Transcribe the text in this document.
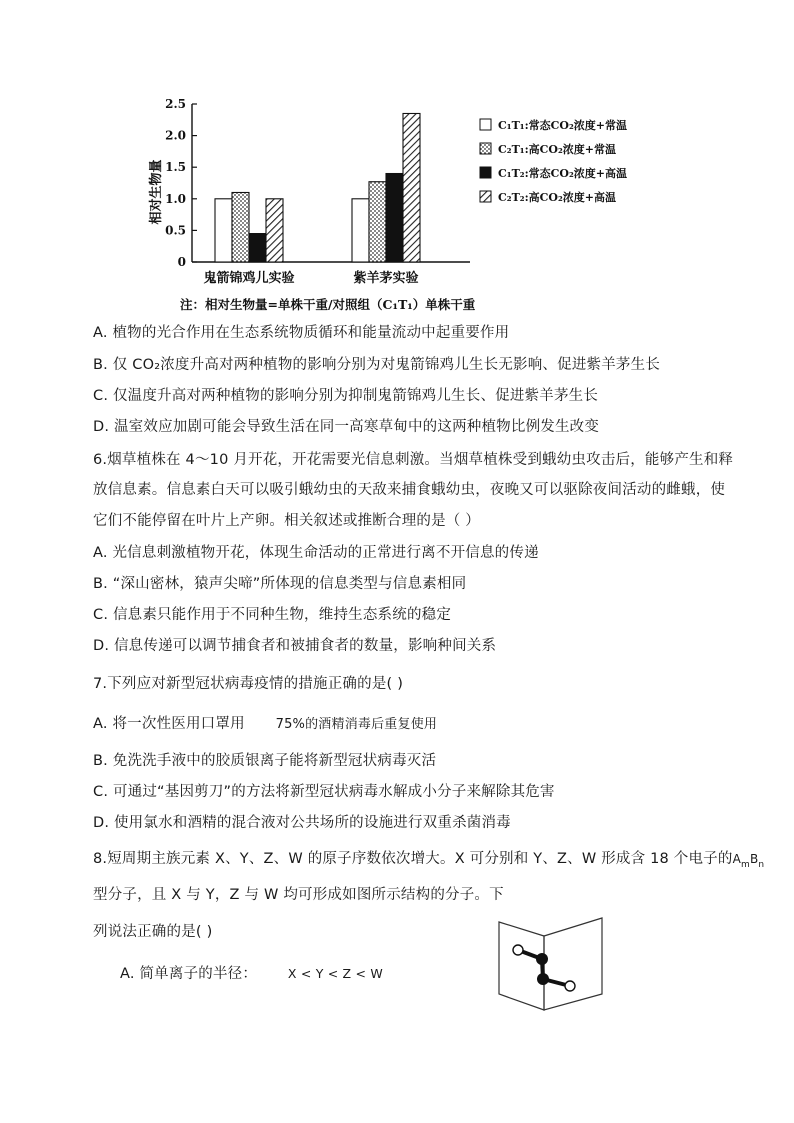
0
0.5
1.0
1.5
2.0
2.5
鬼箭锦鸡儿实验	紫羊茅实验
相对生物量
C₁T₁:常态CO₂浓度+常温
C₂T₁:高CO₂浓度+常温
C₁T₂:常态CO₂浓度+高温
C₂T₂:高CO₂浓度+高温
注：相对生物量=单株干重/对照组（C₁T₁）单株干重
A. 植物的光合作用在生态系统物质循环和能量流动中起重要作用
B. 仅 CO₂浓度升高对两种植物的影响分别为对鬼箭锦鸡儿生长无影响、促进紫羊茅生长
C. 仅温度升高对两种植物的影响分别为抑制鬼箭锦鸡儿生长、促进紫羊茅生长
D. 温室效应加剧可能会导致生活在同一高寒草甸中的这两种植物比例发生改变
6.烟草植株在 4～10 月开花，开花需要光信息刺激。当烟草植株受到蛾幼虫攻击后，能够产生和释
放信息素。信息素白天可以吸引蛾幼虫的天敌来捕食蛾幼虫，夜晚又可以驱除夜间活动的雌蛾，使
它们不能停留在叶片上产卵。相关叙述或推断合理的是（ ）
A. 光信息刺激植物开花，体现生命活动的正常进行离不开信息的传递
B. “深山密林，猿声尖啼”所体现的信息类型与信息素相同
C. 信息素只能作用于不同种生物，维持生态系统的稳定
D. 信息传递可以调节捕食者和被捕食者的数量，影响种间关系
7.下列应对新型冠状病毒疫情的措施正确的是( )
A. 将一次性医用口罩用 75%的酒精消毒后重复使用
B. 免洗洗手液中的胶质银离子能将新型冠状病毒灭活
C. 可通过“基因剪刀”的方法将新型冠状病毒水解成小分子来解除其危害
D. 使用氯水和酒精的混合液对公共场所的设施进行双重杀菌消毒
8.短周期主族元素 X、Y、Z、W 的原子序数依次增大。X 可分别和 Y、Z、W 形成含 18 个电子的$A_mB_n$
型分子，且 X 与 Y，Z 与 W 均可形成如图所示结构的分子。下
列说法正确的是( )
A. 简单离子的半径： X < Y < Z < W
